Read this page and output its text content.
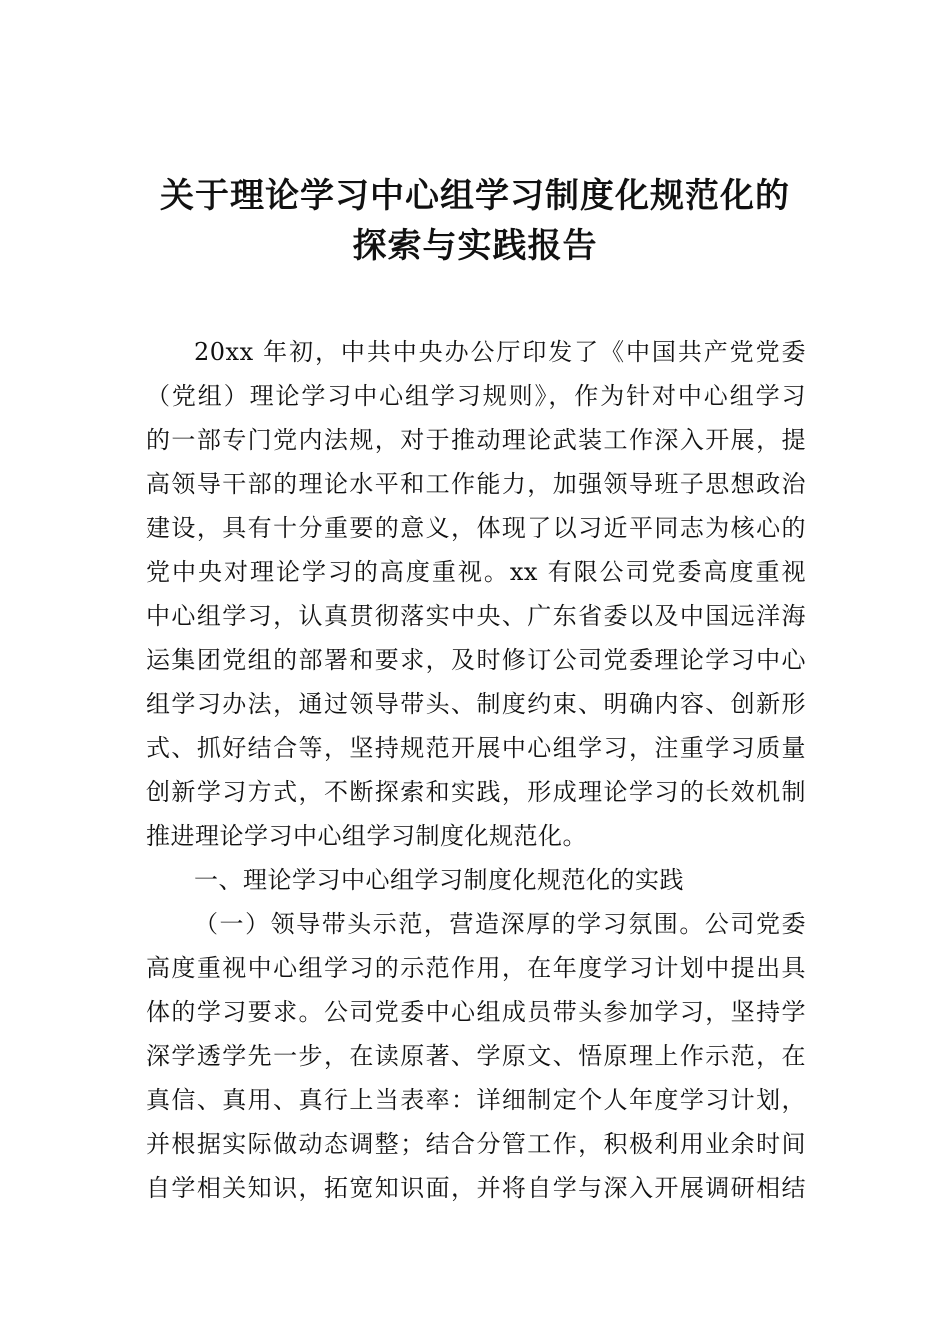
关于理论学习中心组学习制度化规范化的
探索与实践报告
20xx 年初，中共中央办公厅印发了《中国共产党党委
（党组）理论学习中心组学习规则》，作为针对中心组学习
的一部专门党内法规，对于推动理论武装工作深入开展，提
高领导干部的理论水平和工作能力，加强领导班子思想政治
建设，具有十分重要的意义，体现了以习近平同志为核心的
党中央对理论学习的高度重视。xx 有限公司党委高度重视
中心组学习，认真贯彻落实中央、广东省委以及中国远洋海
运集团党组的部署和要求，及时修订公司党委理论学习中心
组学习办法，通过领导带头、制度约束、明确内容、创新形
式、抓好结合等，坚持规范开展中心组学习，注重学习质量
创新学习方式，不断探索和实践，形成理论学习的长效机制
推进理论学习中心组学习制度化规范化。
一、理论学习中心组学习制度化规范化的实践
（一）领导带头示范，营造深厚的学习氛围。公司党委
高度重视中心组学习的示范作用，在年度学习计划中提出具
体的学习要求。公司党委中心组成员带头参加学习，坚持学
深学透学先一步，在读原著、学原文、悟原理上作示范，在
真信、真用、真行上当表率：详细制定个人年度学习计划，
并根据实际做动态调整；结合分管工作，积极利用业余时间
自学相关知识，拓宽知识面，并将自学与深入开展调研相结
